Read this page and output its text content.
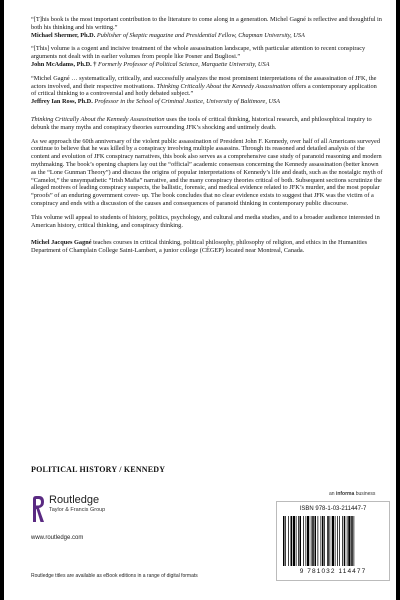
“[T]his book is the most important contribution to the literature to come along in a generation. Michel Gagné is reflective and thoughtful in both his thinking and his writing.”

Michael Shermer, Ph.D. Publisher of Skeptic magazine and Presidential Fellow, Chapman University, USA

“[This] volume is a cogent and incisive treatment of the whole assassination landscape, with particular attention to recent conspiracy arguments not dealt with in earlier volumes from people like Posner and Bugliosi.”

John McAdams, Ph.D. † Formerly Professor of Political Science, Marquette University, USA

“Michel Gagné … systematically, critically, and successfully analyzes the most prominent interpretations of the assassination of JFK, the actors involved, and their respective motivations. Thinking Critically About the Kennedy Assassination offers a contemporary application of critical thinking to a controversial and hotly debated subject.”

Jeffrey Ian Ross, Ph.D. Professor in the School of Criminal Justice, University of Baltimore, USA

Thinking Critically About the Kennedy Assassination uses the tools of critical thinking, historical research, and philosophical inquiry to debunk the many myths and conspiracy theories surrounding JFK’s shocking and untimely death.

As we approach the 60th anniversary of the violent public assassination of President John F. Kennedy, over half of all Americans surveyed continue to believe that he was killed by a conspiracy involving multiple assassins. Through its reasoned and detailed analysis of the content and evolution of JFK conspiracy narratives, this book also serves as a comprehensive case study of paranoid reasoning and modern mythmaking. The book’s opening chapters lay out the “official” academic consensus concerning the Kennedy assassination (better known as the “Lone Gunman Theory”) and discuss the origins of popular interpretations of Kennedy’s life and death, such as the nostalgic myth of “Camelot,” the unsympathetic “Irish Mafia” narrative, and the many conspiracy theories critical of both. Subsequent sections scrutinize the alleged motives of leading conspiracy suspects, the ballistic, forensic, and medical evidence related to JFK’s murder, and the most popular “proofs” of an enduring government cover- up. The book concludes that no clear evidence exists to suggest that JFK was the victim of a conspiracy and ends with a discussion of the causes and consequences of paranoid thinking in contemporary public discourse.

This volume will appeal to students of history, politics, psychology, and cultural and media studies, and to a broader audience interested in American history, critical thinking, and conspiracy thinking.

Michel Jacques Gagné teaches courses in critical thinking, political philosophy, philosophy of religion, and ethics in the Humanities Department of Champlain College Saint-Lambert, a junior college (CÉGEP) located near Montreal, Canada.

POLITICAL HISTORY / KENNEDY
Routledge
Taylor & Francis Group
www.routledge.com
Routledge titles are available as eBook editions in a range of digital formats
an informa business
ISBN 978-1-03-211447-7
9 781032 114477
